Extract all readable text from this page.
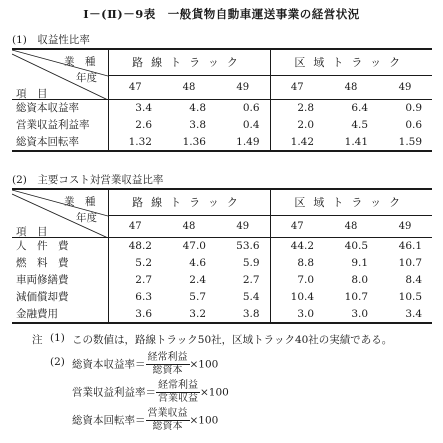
Ⅰ－(Ⅱ)－9表　一般貨物自動車運送事業の経営状況
(1)　収益性比率
業　種
年度
項　目	路線トラック			区域トラック		
	47	48	49	47	48	49
総資本収益率	3.4	4.8	0.6	2.8	6.4	0.9
営業収益利益率	2.6	3.8	0.4	2.0	4.5	0.6
総資本回転率	1.32	1.36	1.49	1.42	1.41	1.59
(2)　主要コスト対営業収益比率
業　種
年度
項　目	路線トラック			区域トラック		
	47	48	49	47	48	49
人　件　費	48.2	47.0	53.6	44.2	40.5	46.1
燃　料　費	5.2	4.6	5.9	8.8	9.1	10.7
車両修繕費	2.7	2.4	2.7	7.0	8.0	8.4
減価償却費	6.3	5.7	5.4	10.4	10.7	10.5
金融費用	3.6	3.2	3.8	3.0	3.0	3.4
注 (1) この数値は，路線トラック50社，区域トラック40社の実績である。
(2) 総資本収益率＝ $\frac{\text{経常利益}}{\text{総資本}} \times 100$
営業収益利益率＝ $\frac{\text{経常利益}}{\text{営業収益}} \times 100$
総資本回転率＝ $\frac{\text{営業収益}}{\text{総資本}} \times 100$
